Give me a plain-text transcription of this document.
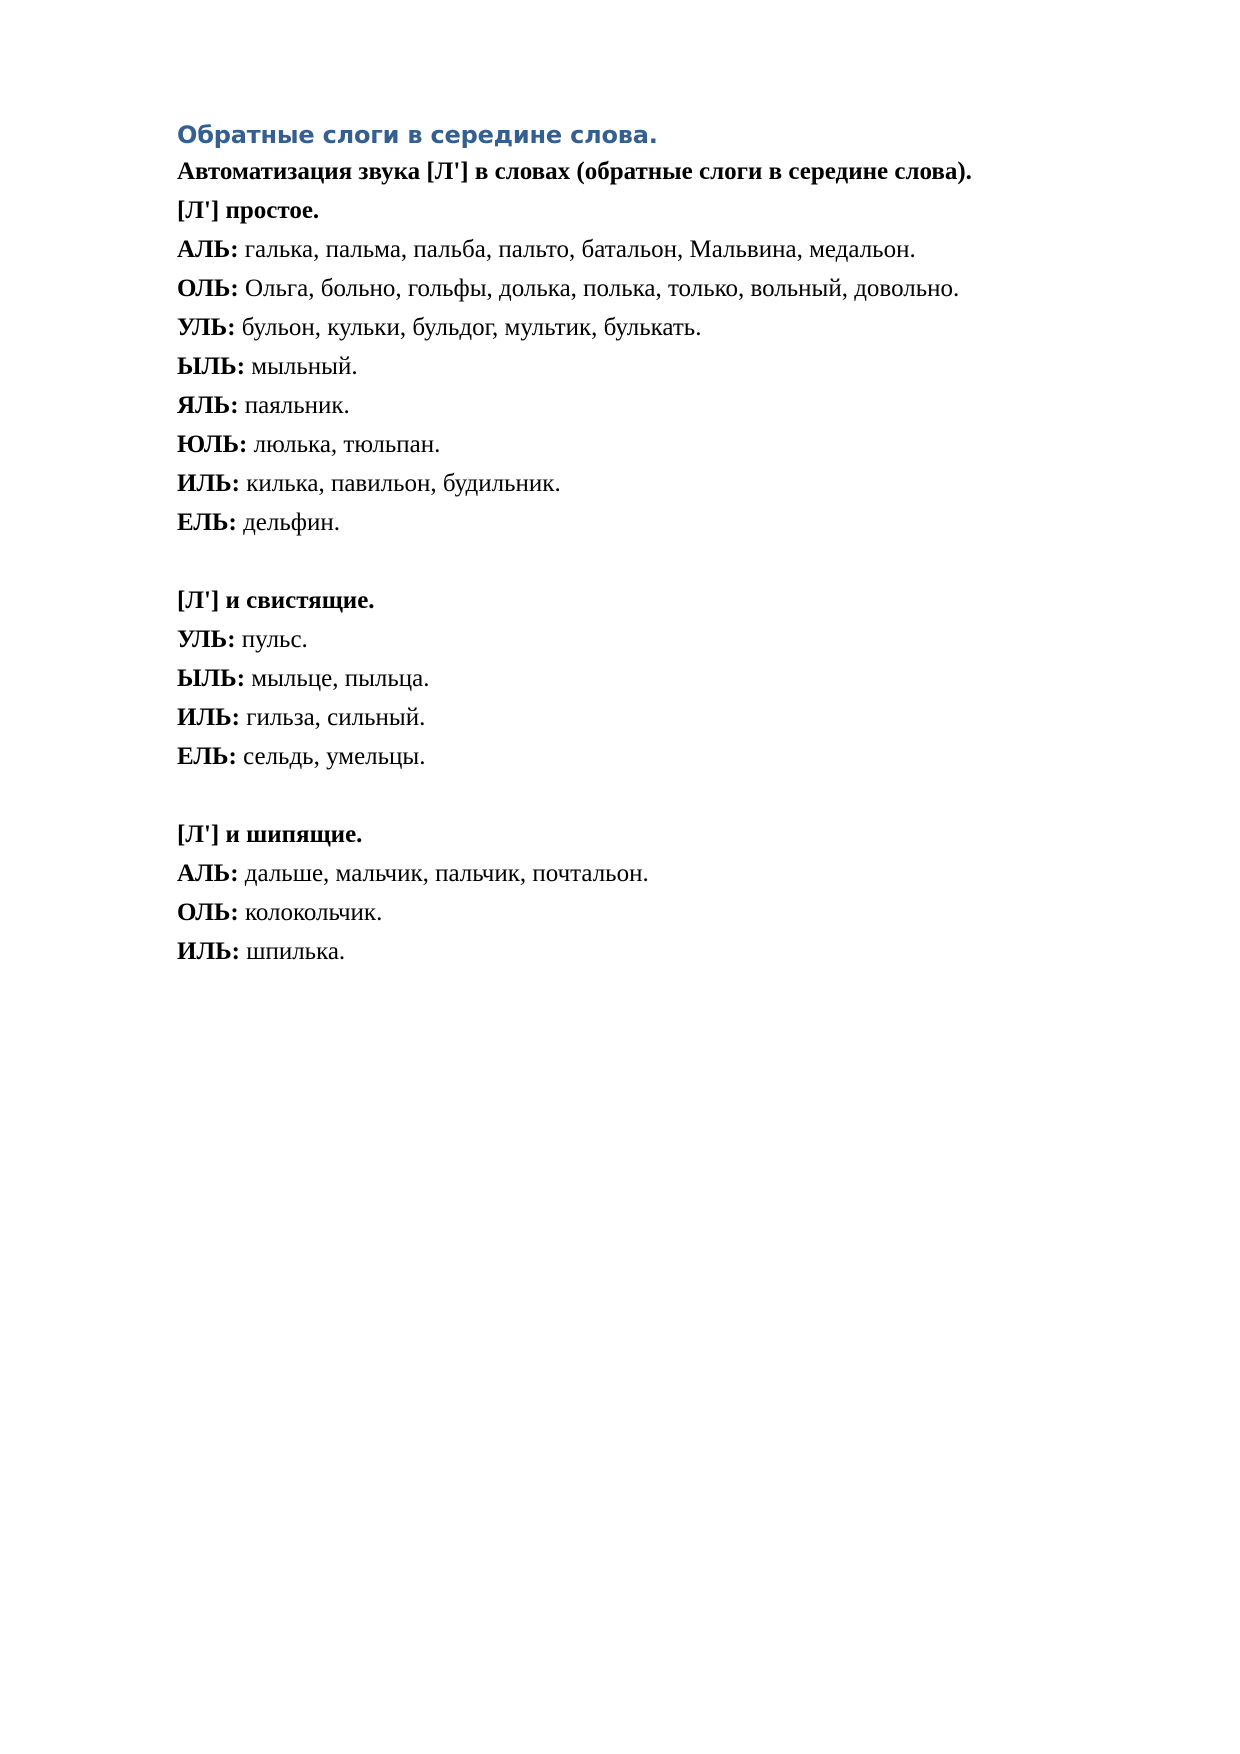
Обратные слоги в середине слова.
Автоматизация звука [Л'] в словах (обратные слоги в середине слова).
[Л'] простое.
АЛЬ: галька, пальма, пальба, пальто, батальон, Мальвина, медальон.
ОЛЬ: Ольга, больно, гольфы, долька, полька, только, вольный, довольно.
УЛЬ: бульон, кульки, бульдог, мультик, булькать.
ЫЛЬ: мыльный.
ЯЛЬ: паяльник.
ЮЛЬ: люлька, тюльпан.
ИЛЬ: килька, павильон, будильник.
ЕЛЬ: дельфин.
[Л'] и свистящие.
УЛЬ: пульс.
ЫЛЬ: мыльце, пыльца.
ИЛЬ: гильза, сильный.
ЕЛЬ: сельдь, умельцы.
[Л'] и шипящие.
АЛЬ: дальше, мальчик, пальчик, почтальон.
ОЛЬ: колокольчик.
ИЛЬ: шпилька.
